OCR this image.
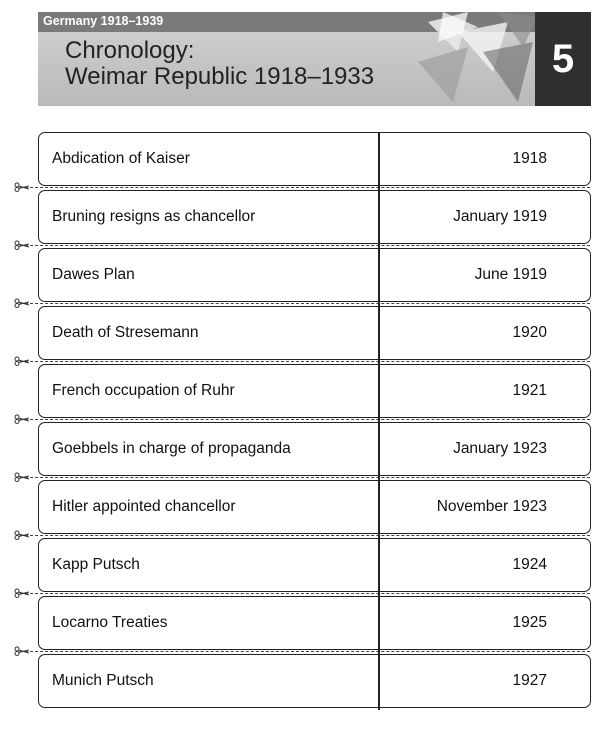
Germany 1918–1939
Chronology:
Weimar Republic 1918–1933	5
Abdication of Kaiser	1918
Bruning resigns as chancellor	January 1919
Dawes Plan	June 1919
Death of Stresemann	1920
French occupation of Ruhr	1921
Goebbels in charge of propaganda	January 1923
Hitler appointed chancellor	November 1923
Kapp Putsch	1924
Locarno Treaties	1925
Munich Putsch	1927
